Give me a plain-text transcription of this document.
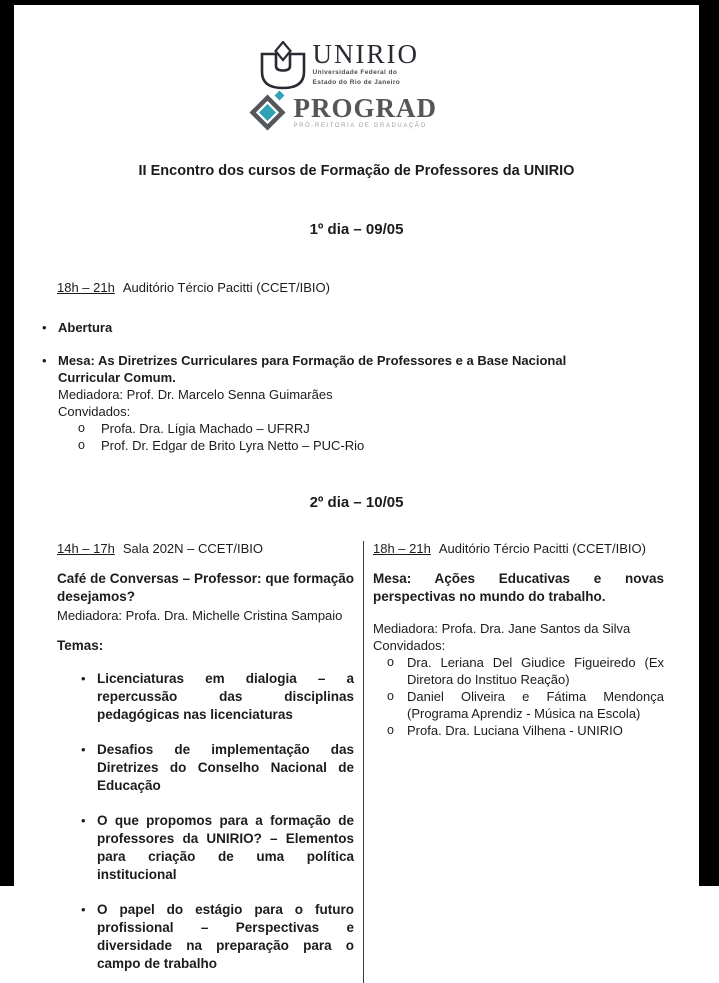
UNIRIO
Universidade Federal do
Estado do Rio de Janeiro
PROGRAD
PRÓ-REITORIA DE GRADUAÇÃO
II Encontro dos cursos de Formação de Professores da UNIRIO
1º dia – 09/05
18h – 21h Auditório Tércio Pacitti (CCET/IBIO)
• Abertura
• Mesa: As Diretrizes Curriculares para Formação de Professores e a Base Nacional Curricular Comum.
Mediadora: Prof. Dr. Marcelo Senna Guimarães
Convidados:
o	Profa. Dra. Lígia Machado – UFRRJ
o	Prof. Dr. Edgar de Brito Lyra Netto – PUC-Rio
2º dia – 10/05
14h – 17h Sala 202N – CCET/IBIO
Café de Conversas – Professor: que formação desejamos?
Mediadora: Profa. Dra. Michelle Cristina Sampaio
Temas:
• Licenciaturas em dialogia – a repercussão das disciplinas pedagógicas nas licenciaturas
• Desafios de implementação das Diretrizes do Conselho Nacional de Educação
• O que propomos para a formação de professores da UNIRIO? – Elementos para criação de uma política institucional
• O papel do estágio para o futuro profissional – Perspectivas e diversidade na preparação para o campo de trabalho
18h – 21h Auditório Tércio Pacitti (CCET/IBIO)
Mesa: Ações Educativas e novas perspectivas no mundo do trabalho.
Mediadora: Profa. Dra. Jane Santos da Silva
Convidados:
o	Dra. Leriana Del Giudice Figueiredo (Ex Diretora do Instituo Reação)
o	Daniel Oliveira e Fátima Mendonça (Programa Aprendiz - Música na Escola)
o	Profa. Dra. Luciana Vilhena - UNIRIO
